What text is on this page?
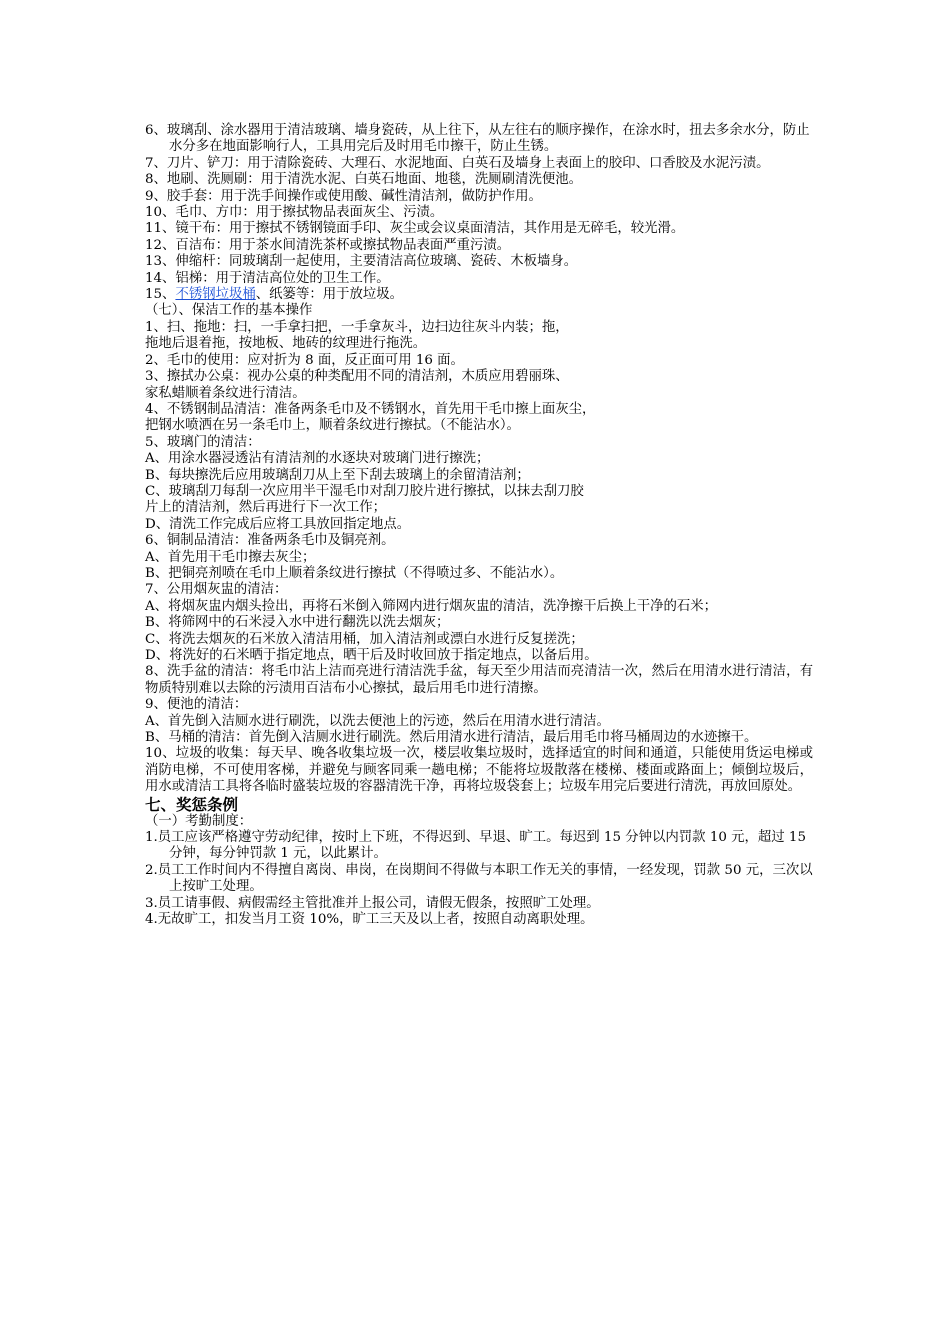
6、玻璃刮、涂水器用于清洁玻璃、墙身瓷砖，从上往下，从左往右的顺序操作，在涂水时，扭去多余水分，防止水分多在地面影响行人，工具用完后及时用毛巾擦干，防止生锈。
7、刀片、铲刀：用于清除瓷砖、大理石、水泥地面、白英石及墙身上表面上的胶印、口香胶及水泥污渍。
8、地刷、洗厕刷：用于清洗水泥、白英石地面、地毯，洗厕刷清洗便池。
9、胶手套：用于洗手间操作或使用酸、碱性清洁剂，做防护作用。
10、毛巾、方巾：用于擦拭物品表面灰尘、污渍。
11、镜干布：用于擦拭不锈钢镜面手印、灰尘或会议桌面清洁，其作用是无碎毛，较光滑。
12、百洁布：用于茶水间清洗茶杯或擦拭物品表面严重污渍。
13、伸缩杆：同玻璃刮一起使用，主要清洁高位玻璃、瓷砖、木板墙身。
14、铝梯：用于清洁高位处的卫生工作。
15、不锈钢垃圾桶、纸篓等：用于放垃圾。
（七）、保洁工作的基本操作
1、扫、拖地：扫，一手拿扫把，一手拿灰斗，边扫边往灰斗内装；拖，
拖地后退着拖，按地板、地砖的纹理进行拖洗。
2、毛巾的使用：应对折为 8 面，反正面可用 16 面。
3、擦拭办公桌：视办公桌的种类配用不同的清洁剂，木质应用碧丽珠、
家私蜡顺着条纹进行清洁。
4、不锈钢制品清洁：准备两条毛巾及不锈钢水，首先用干毛巾擦上面灰尘，
把钢水喷洒在另一条毛巾上，顺着条纹进行擦拭。（不能沾水）。
5、玻璃门的清洁：
A、用涂水器浸透沾有清洁剂的水逐块对玻璃门进行擦洗；
B、每块擦洗后应用玻璃刮刀从上至下刮去玻璃上的余留清洁剂；
C、玻璃刮刀每刮一次应用半干湿毛巾对刮刀胶片进行擦拭，以抹去刮刀胶
片上的清洁剂，然后再进行下一次工作；
D、清洗工作完成后应将工具放回指定地点。
6、铜制品清洁：准备两条毛巾及铜亮剂。
A、首先用干毛巾擦去灰尘；
B、把铜亮剂喷在毛巾上顺着条纹进行擦拭（不得喷过多、不能沾水）。
7、公用烟灰盅的清洁：
A、将烟灰盅内烟头捡出，再将石米倒入筛网内进行烟灰盅的清洁，洗净擦干后换上干净的石米；
B、将筛网中的石米浸入水中进行翻洗以洗去烟灰；
C、将洗去烟灰的石米放入清洁用桶，加入清洁剂或漂白水进行反复搓洗；
D、将洗好的石米晒于指定地点，晒干后及时收回放于指定地点，以备后用。
8、洗手盆的清洁：将毛巾沾上洁而亮进行清洁洗手盆，每天至少用洁而亮清洁一次，然后在用清水进行清洁，有物质特别难以去除的污渍用百洁布小心擦拭，最后用毛巾进行清擦。
9、便池的清洁：
A、首先倒入洁厕水进行刷洗，以洗去便池上的污迹，然后在用清水进行清洁。
B、马桶的清洁：首先倒入洁厕水进行刷洗。然后用清水进行清洁，最后用毛巾将马桶周边的水迹擦干。
10、垃圾的收集：每天早、晚各收集垃圾一次，楼层收集垃圾时，选择适宜的时间和通道，只能使用货运电梯或消防电梯，不可使用客梯，并避免与顾客同乘一趟电梯；不能将垃圾散落在楼梯、楼面或路面上；倾倒垃圾后，用水或清洁工具将各临时盛装垃圾的容器清洗干净，再将垃圾袋套上；垃圾车用完后要进行清洗，再放回原处。
七、奖惩条例
（一）考勤制度：
1.员工应该严格遵守劳动纪律，按时上下班，不得迟到、早退、旷工。每迟到 15 分钟以内罚款 10 元，超过 15 分钟，每分钟罚款 1 元，以此累计。
2.员工工作时间内不得擅自离岗、串岗，在岗期间不得做与本职工作无关的事情，一经发现，罚款 50 元，三次以上按旷工处理。
3.员工请事假、病假需经主管批准并上报公司，请假无假条，按照旷工处理。
4.无故旷工，扣发当月工资 10%，旷工三天及以上者，按照自动离职处理。
